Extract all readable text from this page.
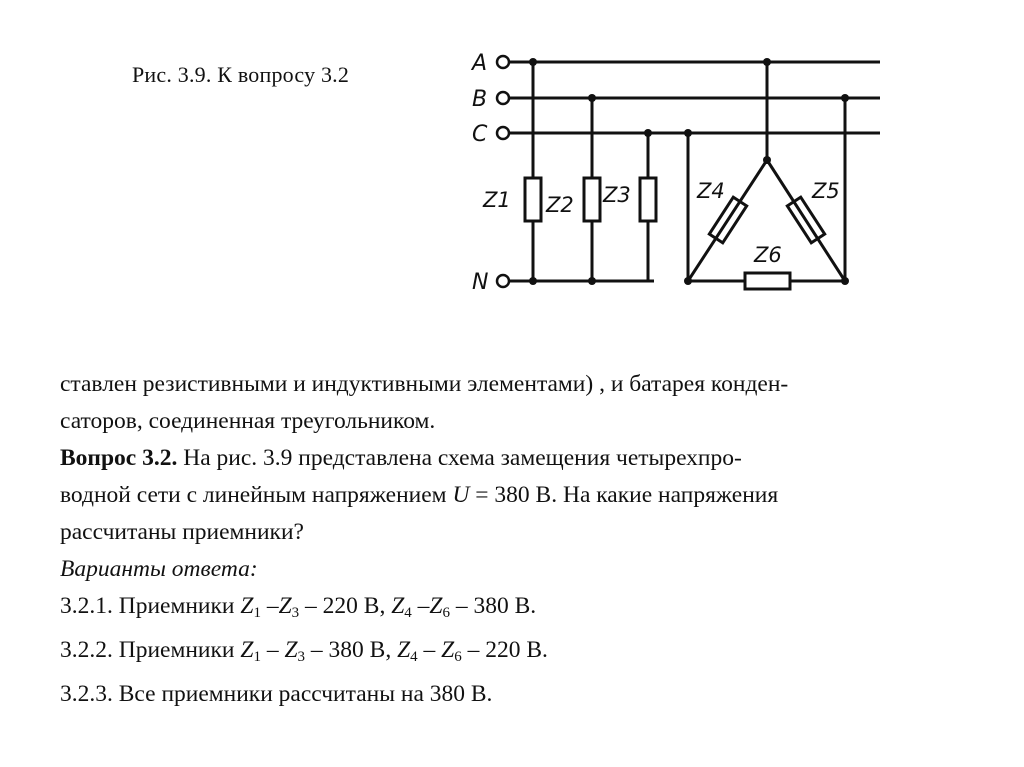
Рис. 3.9. К вопросу 3.2	A
B
C
N
Z1 Z2 Z3	Z4	Z5
Z6
ставлен резистивными и индуктивными элементами) , и батарея конден-
саторов, соединенная треугольником.
Вопрос 3.2. На рис. 3.9 представлена схема замещения четырехпро-
водной сети с линейным напряжением U = 380 В. На какие напряжения
рассчитаны приемники?
Варианты ответа:
3.2.1. Приемники $Z_1$ $-Z_3 - 220$ В, $Z_4$ $-Z_6 - 380$ В.
3.2.2. Приемники $Z_1 - Z_3 - 380$ В, $Z_4 - Z_6 - 220$ В.
3.2.3. Все приемники рассчитаны на 380 В.
